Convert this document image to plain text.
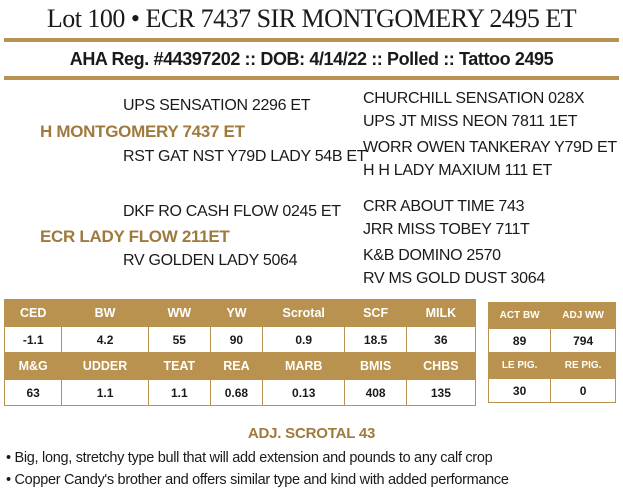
Lot 100 • ECR 7437 SIR MONTGOMERY 2495 ET
AHA Reg. #44397202 :: DOB: 4/14/22 :: Polled :: Tattoo 2495
UPS SENSATION 2296 ET
H MONTGOMERY 7437 ET
RST GAT NST Y79D LADY 54B ET
DKF RO CASH FLOW 0245 ET
ECR LADY FLOW 211ET
RV GOLDEN LADY 5064
CHURCHILL SENSATION 028X
UPS JT MISS NEON 7811 1ET
WORR OWEN TANKERAY Y79D ET
H H LADY MAXIUM 111 ET
CRR ABOUT TIME 743
JRR MISS TOBEY 711T
K&B DOMINO 2570
RV MS GOLD DUST 3064
CED	BW	WW	YW	Scrotal	SCF	MILK
-1.1	4.2	55	90	0.9	18.5	36
M&G	UDDER	TEAT	REA	MARB	BMIS	CHBS
63	1.1	1.1	0.68	0.13	408	135
ACT BW	ADJ WW
89	794
LE PIG.	RE PIG.
30	0
ADJ. SCROTAL 43
• Big, long, stretchy type bull that will add extension and pounds to any calf crop
• Copper Candy's brother and offers similar type and kind with added performance
